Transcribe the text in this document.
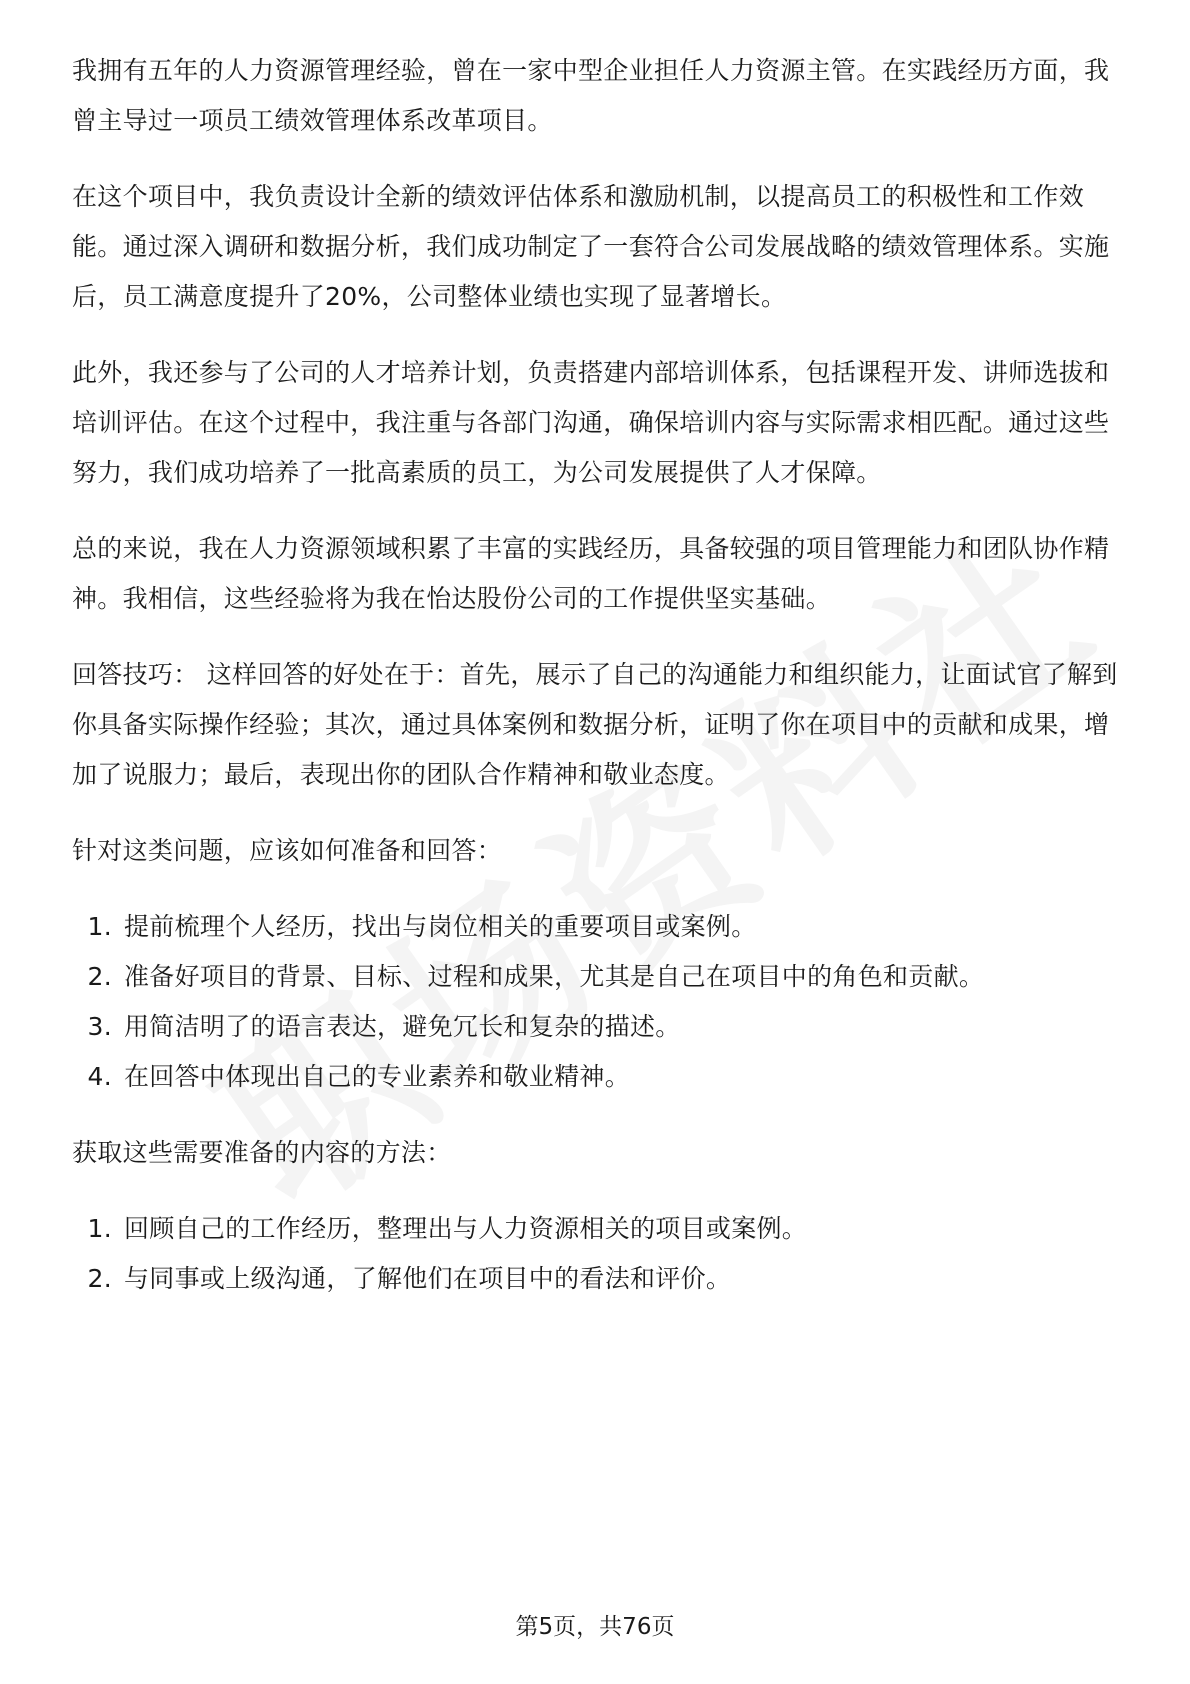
我拥有五年的人力资源管理经验，曾在一家中型企业担任人力资源主管。在实践经历方面，我曾主导过一项员工绩效管理体系改革项目。

在这个项目中，我负责设计全新的绩效评估体系和激励机制，以提高员工的积极性和工作效能。通过深入调研和数据分析，我们成功制定了一套符合公司发展战略的绩效管理体系。实施后，员工满意度提升了20%，公司整体业绩也实现了显著增长。

此外，我还参与了公司的人才培养计划，负责搭建内部培训体系，包括课程开发、讲师选拔和培训评估。在这个过程中，我注重与各部门沟通，确保培训内容与实际需求相匹配。通过这些努力，我们成功培养了一批高素质的员工，为公司发展提供了人才保障。

总的来说，我在人力资源领域积累了丰富的实践经历，具备较强的项目管理能力和团队协作精神。我相信，这些经验将为我在怡达股份公司的工作提供坚实基础。

回答技巧： 这样回答的好处在于：首先，展示了自己的沟通能力和组织能力，让面试官了解到你具备实际操作经验；其次，通过具体案例和数据分析，证明了你在项目中的贡献和成果，增加了说服力；最后，表现出你的团队合作精神和敬业态度。

针对这类问题，应该如何准备和回答：

1. 提前梳理个人经历，找出与岗位相关的重要项目或案例。
2. 准备好项目的背景、目标、过程和成果，尤其是自己在项目中的角色和贡献。
3. 用简洁明了的语言表达，避免冗长和复杂的描述。
4. 在回答中体现出自己的专业素养和敬业精神。

获取这些需要准备的内容的方法：

1. 回顾自己的工作经历，整理出与人力资源相关的项目或案例。
2. 与同事或上级沟通，了解他们在项目中的看法和评价。
第5页，共76页
